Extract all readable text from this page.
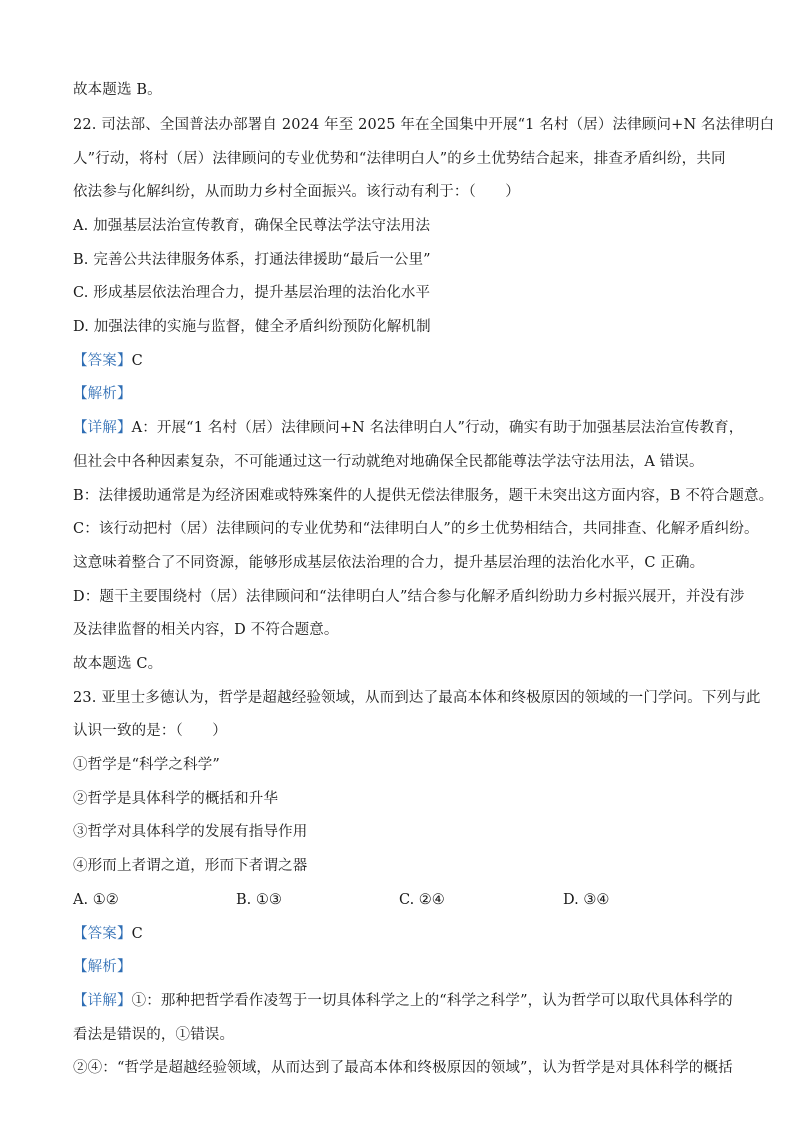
故本题选 B。
22. 司法部、全国普法办部署自 2024 年至 2025 年在全国集中开展“1 名村（居）法律顾问+N 名法律明白
人”行动，将村（居）法律顾问的专业优势和“法律明白人”的乡土优势结合起来，排查矛盾纠纷，共同
依法参与化解纠纷，从而助力乡村全面振兴。该行动有利于：（　　）
A. 加强基层法治宣传教育，确保全民尊法学法守法用法
B. 完善公共法律服务体系，打通法律援助“最后一公里”
C. 形成基层依法治理合力，提升基层治理的法治化水平
D. 加强法律的实施与监督，健全矛盾纠纷预防化解机制
【答案】C
【解析】
【详解】A：开展“1 名村（居）法律顾问+N 名法律明白人”行动，确实有助于加强基层法治宣传教育，
但社会中各种因素复杂，不可能通过这一行动就绝对地确保全民都能尊法学法守法用法，A 错误。
B：法律援助通常是为经济困难或特殊案件的人提供无偿法律服务，题干未突出这方面内容，B 不符合题意。
C：该行动把村（居）法律顾问的专业优势和“法律明白人”的乡土优势相结合，共同排查、化解矛盾纠纷。
这意味着整合了不同资源，能够形成基层依法治理的合力，提升基层治理的法治化水平，C 正确。
D：题干主要围绕村（居）法律顾问和“法律明白人”结合参与化解矛盾纠纷助力乡村振兴展开，并没有涉
及法律监督的相关内容，D 不符合题意。
故本题选 C。
23. 亚里士多德认为，哲学是超越经验领域，从而到达了最高本体和终极原因的领域的一门学问。下列与此
认识一致的是：（　　）
①哲学是“科学之科学”
②哲学是具体科学的概括和升华
③哲学对具体科学的发展有指导作用
④形而上者谓之道，形而下者谓之器
A. ①②	B. ①③	C. ②④	D. ③④
【答案】C
【解析】
【详解】①：那种把哲学看作凌驾于一切具体科学之上的“科学之科学”，认为哲学可以取代具体科学的
看法是错误的，①错误。
②④：“哲学是超越经验领域，从而达到了最高本体和终极原因的领域”，认为哲学是对具体科学的概括
